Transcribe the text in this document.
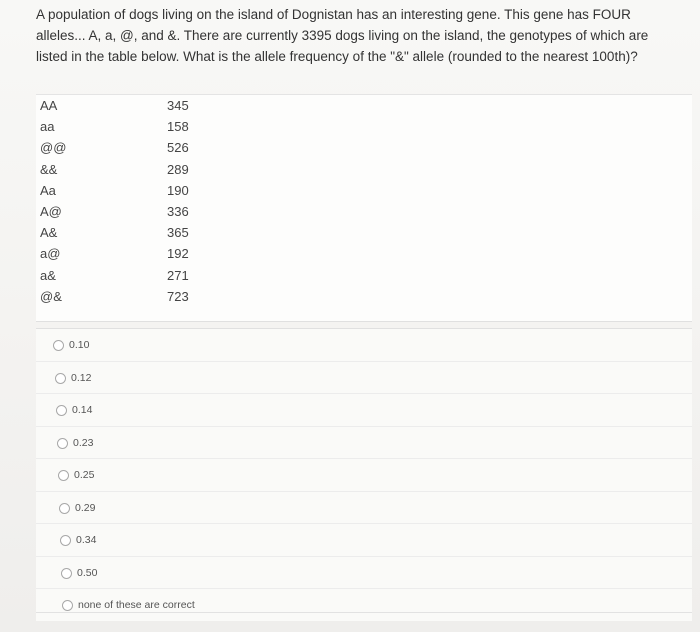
A population of dogs living on the island of Dognistan has an interesting gene. This gene has FOUR alleles... A, a, @, and &. There are currently 3395 dogs living on the island, the genotypes of which are listed in the table below. What is the allele frequency of the "&" allele (rounded to the nearest 100th)?
AA	345
aa	158
@@	526
&&	289
Aa	190
A@	336
A&	365
a@	192
a&	271
@&	723
0.10
0.12
0.14
0.23
0.25
0.29
0.34
0.50
none of these are correct
